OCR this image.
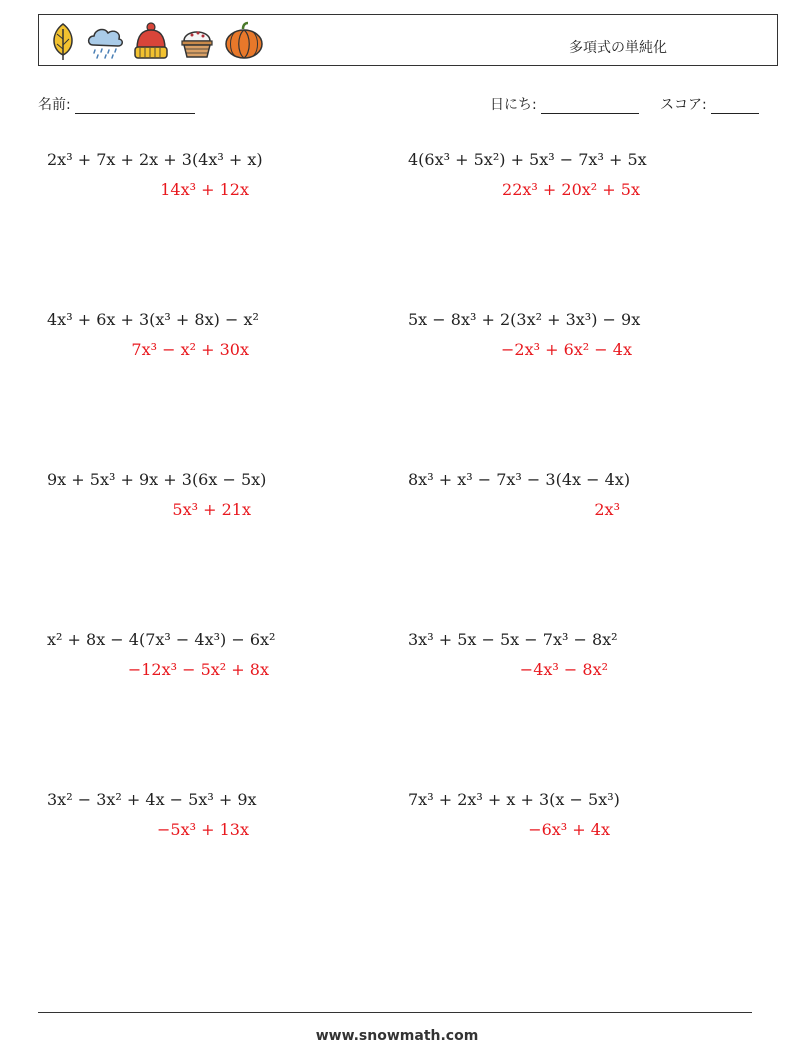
多項式の単純化
名前:	日にち:	スコア:
2x³ + 7x + 2x + 3(4x³ + x)
14x³ + 12x
4(6x³ + 5x²) + 5x³ − 7x³ + 5x
22x³ + 20x² + 5x
4x³ + 6x + 3(x³ + 8x) − x²
7x³ − x² + 30x
5x − 8x³ + 2(3x² + 3x³) − 9x
−2x³ + 6x² − 4x
9x + 5x³ + 9x + 3(6x − 5x)
5x³ + 21x
8x³ + x³ − 7x³ − 3(4x − 4x)
2x³
x² + 8x − 4(7x³ − 4x³) − 6x²
−12x³ − 5x² + 8x
3x³ + 5x − 5x − 7x³ − 8x²
−4x³ − 8x²
3x² − 3x² + 4x − 5x³ + 9x
−5x³ + 13x
7x³ + 2x³ + x + 3(x − 5x³)
−6x³ + 4x
www.snowmath.com
